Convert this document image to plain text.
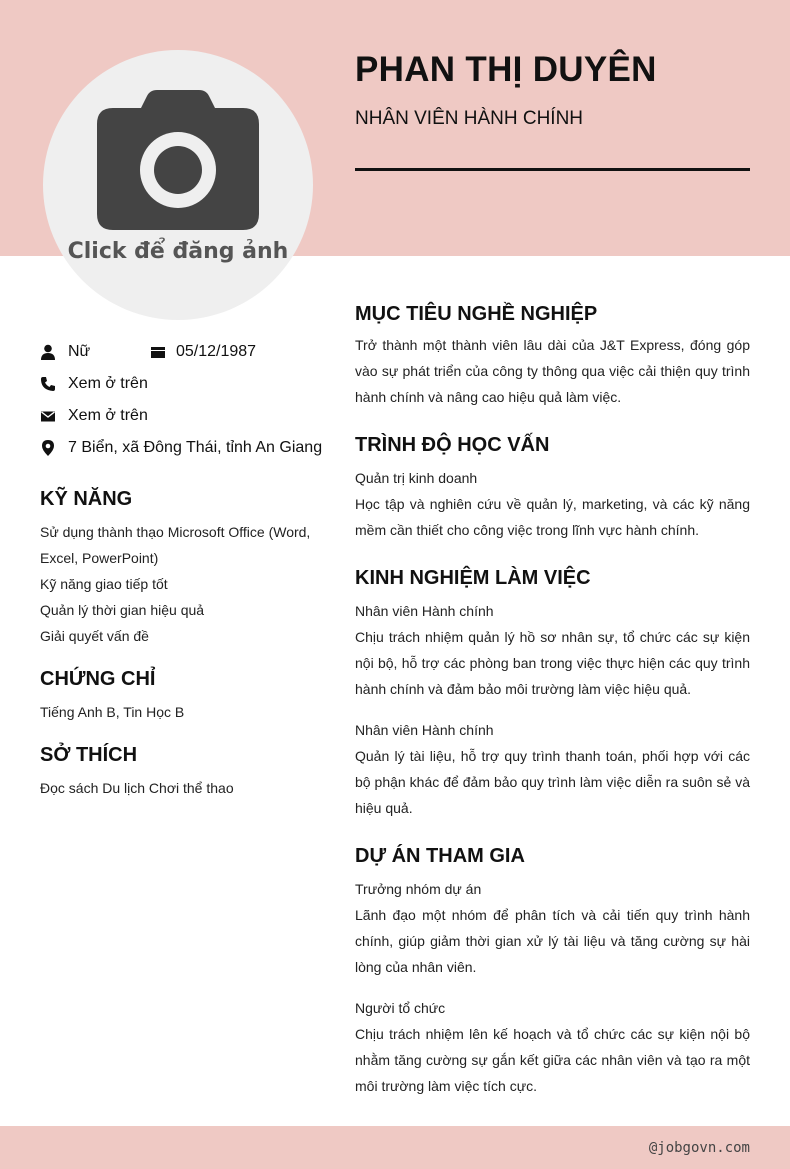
Click để đăng ảnh
PHAN THỊ DUYÊN
NHÂN VIÊN HÀNH CHÍNH
Nữ	05/12/1987
Xem ở trên
Xem ở trên
7 Biển, xã Đông Thái, tỉnh An Giang
KỸ NĂNG
Sử dụng thành thạo Microsoft Office (Word, Excel, PowerPoint)
Kỹ năng giao tiếp tốt
Quản lý thời gian hiệu quả
Giải quyết vấn đề
CHỨNG CHỈ
Tiếng Anh B, Tin Học B
SỞ THÍCH
Đọc sách Du lịch Chơi thể thao
MỤC TIÊU NGHỀ NGHIỆP

Trở thành một thành viên lâu dài của J&T Express, đóng góp vào sự phát triển của công ty thông qua việc cải thiện quy trình hành chính và nâng cao hiệu quả làm việc.

TRÌNH ĐỘ HỌC VẤN
Quản trị kinh doanh

Học tập và nghiên cứu về quản lý, marketing, và các kỹ năng mềm cần thiết cho công việc trong lĩnh vực hành chính.

KINH NGHIỆM LÀM VIỆC
Nhân viên Hành chính

Chịu trách nhiệm quản lý hồ sơ nhân sự, tổ chức các sự kiện nội bộ, hỗ trợ các phòng ban trong việc thực hiện các quy trình hành chính và đảm bảo môi trường làm việc hiệu quả.

Nhân viên Hành chính

Quản lý tài liệu, hỗ trợ quy trình thanh toán, phối hợp với các bộ phận khác để đảm bảo quy trình làm việc diễn ra suôn sẻ và hiệu quả.

DỰ ÁN THAM GIA
Trưởng nhóm dự án

Lãnh đạo một nhóm để phân tích và cải tiến quy trình hành chính, giúp giảm thời gian xử lý tài liệu và tăng cường sự hài lòng của nhân viên.

Người tổ chức

Chịu trách nhiệm lên kế hoạch và tổ chức các sự kiện nội bộ nhằm tăng cường sự gắn kết giữa các nhân viên và tạo ra một môi trường làm việc tích cực.

@jobgovn.com
